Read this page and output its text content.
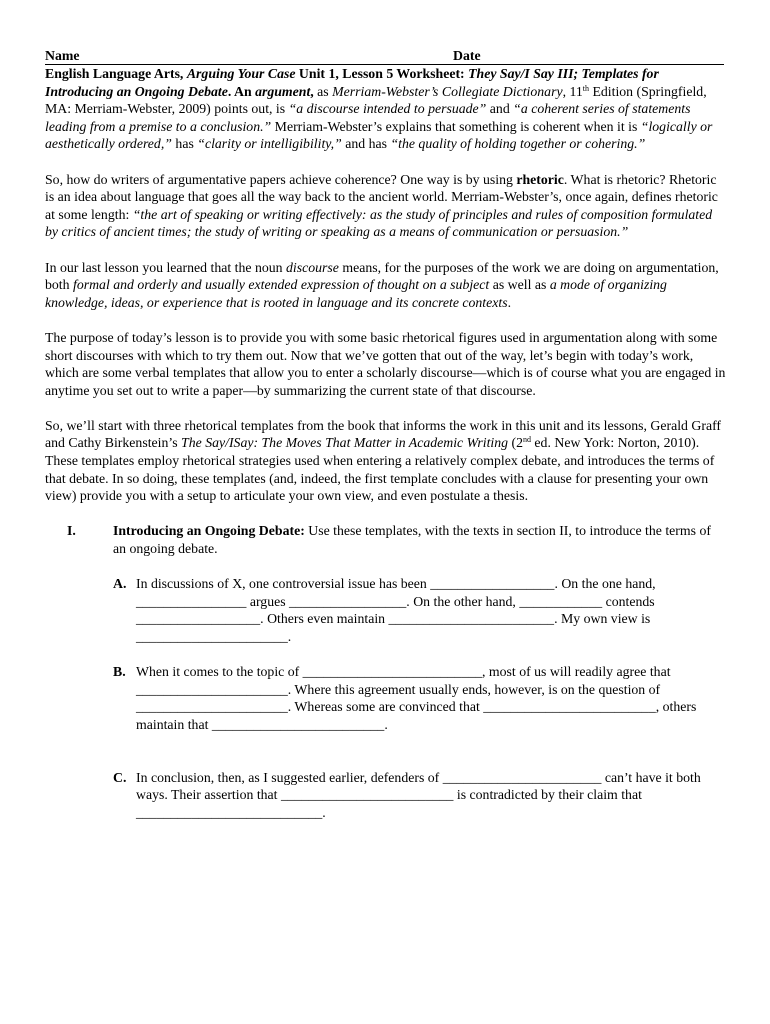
Name	Date

English Language Arts, Arguing Your Case Unit 1, Lesson 5 Worksheet: They Say/I Say III; Templates for Introducing an Ongoing Debate. An argument, as Merriam-Webster’s Collegiate Dictionary, 11th Edition (Springfield, MA: Merriam-Webster, 2009) points out, is “a discourse intended to persuade” and “a coherent series of statements leading from a premise to a conclusion.” Merriam-Webster’s explains that something is coherent when it is “logically or aesthetically ordered,” has “clarity or intelligibility,” and has “the quality of holding together or cohering.”

So, how do writers of argumentative papers achieve coherence? One way is by using rhetoric. What is rhetoric? Rhetoric is an idea about language that goes all the way back to the ancient world. Merriam-Webster’s, once again, defines rhetoric at some length: “the art of speaking or writing effectively: as the study of principles and rules of composition formulated by critics of ancient times; the study of writing or speaking as a means of communication or persuasion.”

In our last lesson you learned that the noun discourse means, for the purposes of the work we are doing on argumentation, both formal and orderly and usually extended expression of thought on a subject as well as a mode of organizing knowledge, ideas, or experience that is rooted in language and its concrete contexts.

The purpose of today’s lesson is to provide you with some basic rhetorical figures used in argumentation along with some short discourses with which to try them out. Now that we’ve gotten that out of the way, let’s begin with today’s work, which are some verbal templates that allow you to enter a scholarly discourse—which is of course what you are engaged in anytime you set out to write a paper—by summarizing the current state of that discourse.

So, we’ll start with three rhetorical templates from the book that informs the work in this unit and its lessons, Gerald Graff and Cathy Birkenstein’s The Say/ISay: The Moves That Matter in Academic Writing (2nd ed. New York: Norton, 2010). These templates employ rhetorical strategies used when entering a relatively complex debate, and introduces the terms of that debate. In so doing, these templates (and, indeed, the first template concludes with a clause for presenting your own view) provide you with a setup to articulate your own view, and even postulate a thesis.

I.	Introducing an Ongoing Debate: Use these templates, with the texts in section II, to introduce the terms of an ongoing debate.
A. In discussions of X, one controversial issue has been __________________. On the one hand, ________________ argues _________________. On the other hand, ____________ contends __________________. Others even maintain ________________________. My own view is ______________________.
B. When it comes to the topic of __________________________, most of us will readily agree that ______________________. Where this agreement usually ends, however, is on the question of ______________________. Whereas some are convinced that _________________________, others maintain that _________________________.
C. In conclusion, then, as I suggested earlier, defenders of _______________________ can’t have it both ways. Their assertion that _________________________ is contradicted by their claim that ___________________________.
